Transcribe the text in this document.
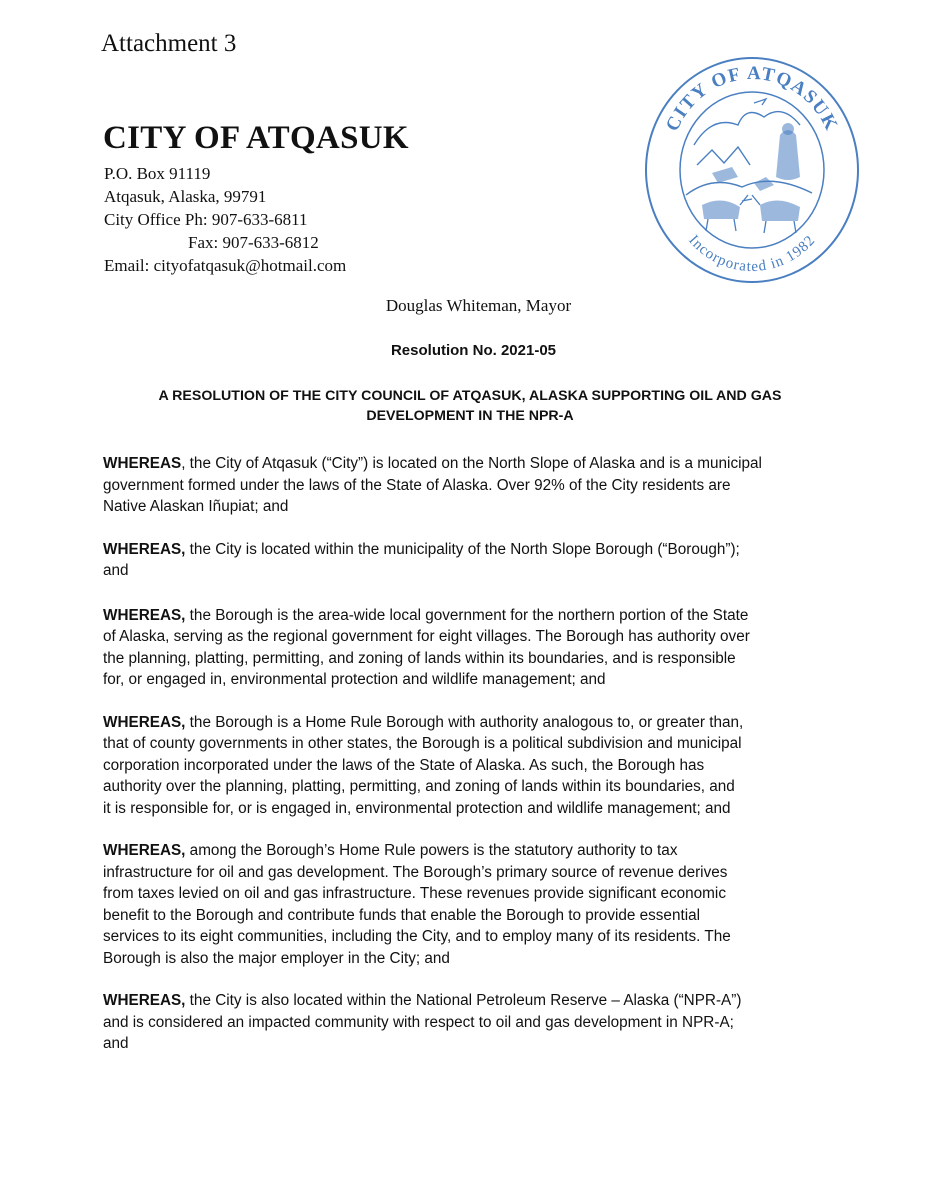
Attachment 3
CITY OF ATQASUK
P.O. Box 91119
Atqasuk, Alaska, 99791
City Office Ph: 907-633-6811
Fax: 907-633-6812
Email: cityofatqasuk@hotmail.com
CITY OF ATQASUK
Incorporated in 1982
Douglas Whiteman, Mayor
Resolution No. 2021-05
A RESOLUTION OF THE CITY COUNCIL OF ATQASUK, ALASKA SUPPORTING OIL AND GAS
DEVELOPMENT IN THE NPR-A

WHEREAS, the City of Atqasuk (“City”) is located on the North Slope of Alaska and is a municipal
government formed under the laws of the State of Alaska. Over 92% of the City residents are
Native Alaskan Iñupiat; and

WHEREAS, the City is located within the municipality of the North Slope Borough (“Borough”);
and

WHEREAS, the Borough is the area-wide local government for the northern portion of the State
of Alaska, serving as the regional government for eight villages. The Borough has authority over
the planning, platting, permitting, and zoning of lands within its boundaries, and is responsible
for, or engaged in, environmental protection and wildlife management; and

WHEREAS, the Borough is a Home Rule Borough with authority analogous to, or greater than,
that of county governments in other states, the Borough is a political subdivision and municipal
corporation incorporated under the laws of the State of Alaska. As such, the Borough has
authority over the planning, platting, permitting, and zoning of lands within its boundaries, and
it is responsible for, or is engaged in, environmental protection and wildlife management; and

WHEREAS, among the Borough’s Home Rule powers is the statutory authority to tax
infrastructure for oil and gas development. The Borough’s primary source of revenue derives
from taxes levied on oil and gas infrastructure. These revenues provide significant economic
benefit to the Borough and contribute funds that enable the Borough to provide essential
services to its eight communities, including the City, and to employ many of its residents. The
Borough is also the major employer in the City; and

WHEREAS, the City is also located within the National Petroleum Reserve – Alaska (“NPR-A”)
and is considered an impacted community with respect to oil and gas development in NPR-A;
and
